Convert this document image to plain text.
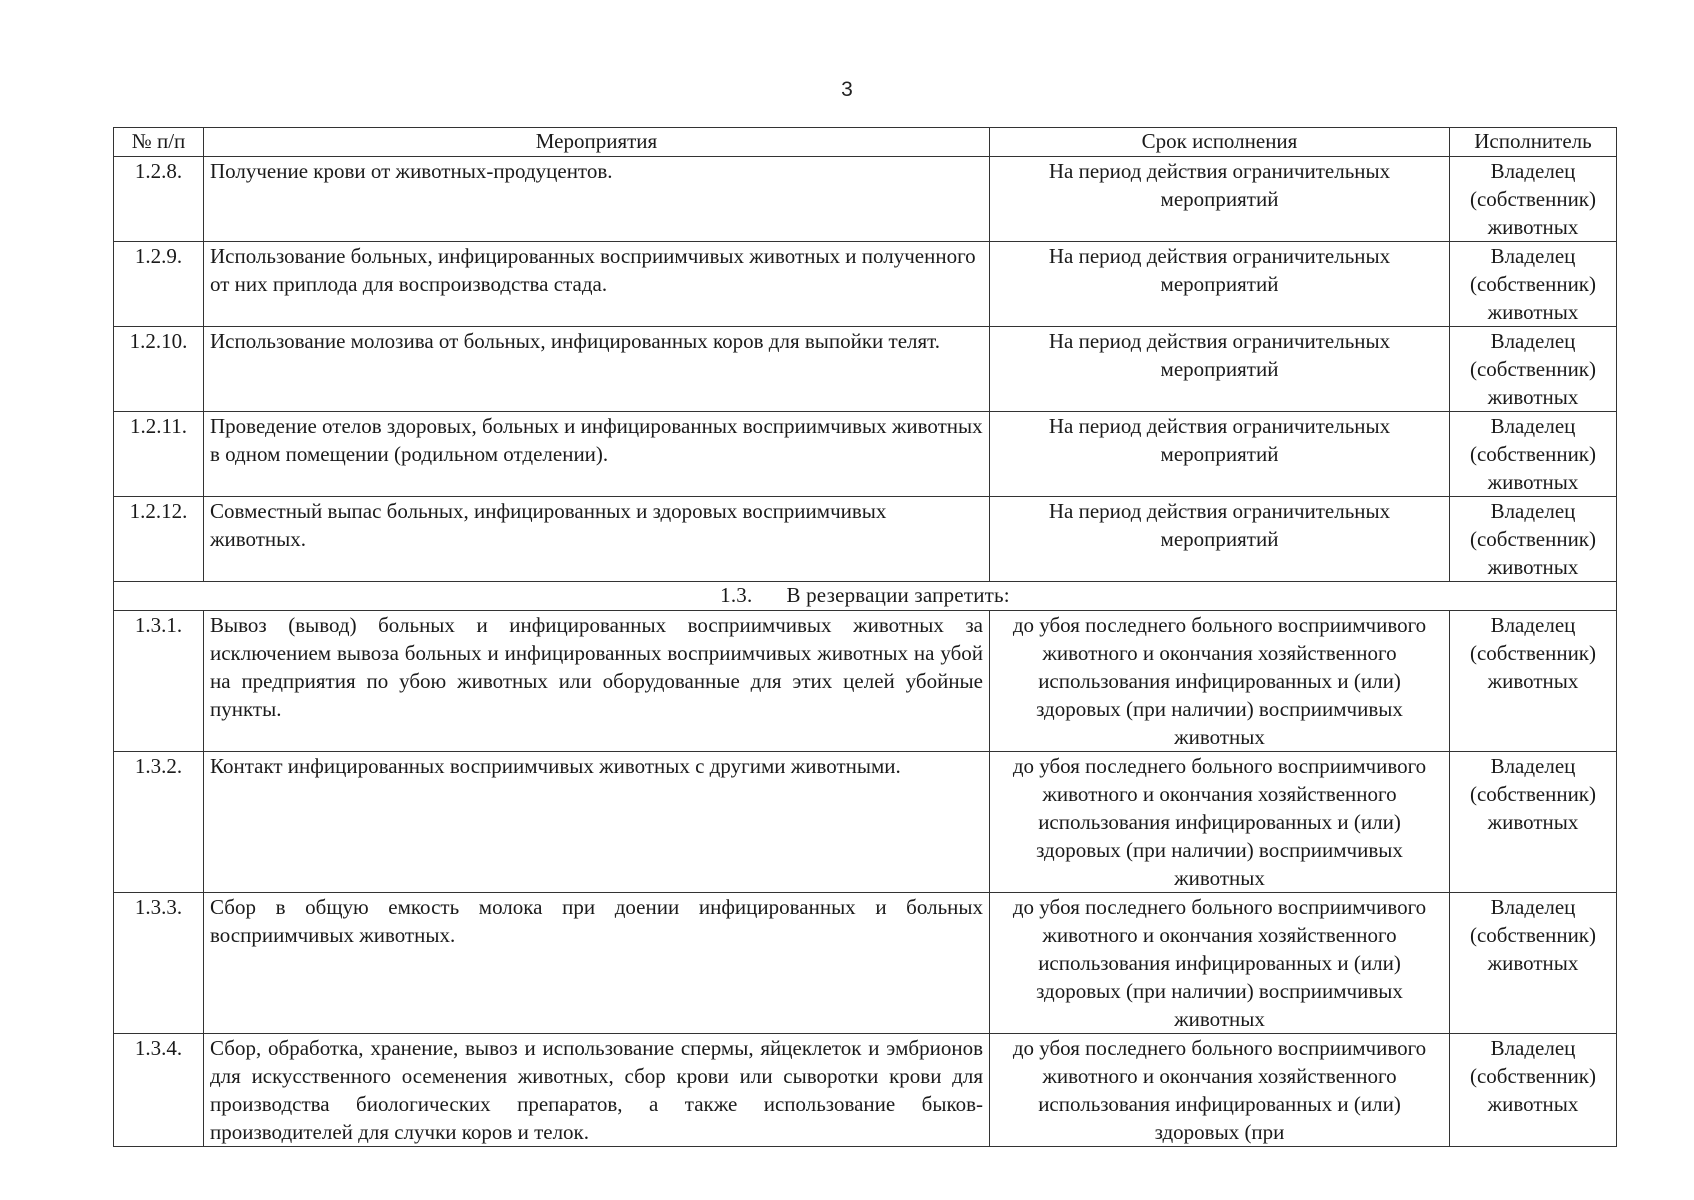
3
№ п/п	Мероприятия	Срок исполнения	Исполнитель
1.2.8.	Получение крови от животных-продуцентов.	На период действия ограничительных мероприятий	Владелец (собственник) животных
1.2.9.	Использование больных, инфицированных восприимчивых животных и полученного от них приплода для воспроизводства стада.	На период действия ограничительных мероприятий	Владелец (собственник) животных
1.2.10.	Использование молозива от больных, инфицированных коров для выпойки телят.	На период действия ограничительных мероприятий	Владелец (собственник) животных
1.2.11.	Проведение отелов здоровых, больных и инфицированных восприимчивых животных в одном помещении (родильном отделении).	На период действия ограничительных мероприятий	Владелец (собственник) животных
1.2.12.	Совместный выпас больных, инфицированных и здоровых восприимчивых животных.	На период действия ограничительных мероприятий	Владелец (собственник) животных
1.3. В резервации запретить:			
1.3.1.	Вывоз (вывод) больных и инфицированных восприимчивых животных за исключением вывоза больных и инфицированных восприимчивых животных на убой на предприятия по убою животных или оборудованные для этих целей убойные пункты.	до убоя последнего больного восприимчивого животного и окончания хозяйственного использования инфицированных и (или) здоровых (при наличии) восприимчивых животных	Владелец (собственник) животных
1.3.2.	Контакт инфицированных восприимчивых животных с другими животными.	до убоя последнего больного восприимчивого животного и окончания хозяйственного использования инфицированных и (или) здоровых (при наличии) восприимчивых животных	Владелец (собственник) животных
1.3.3.	Сбор в общую емкость молока при доении инфицированных и больных восприимчивых животных.	до убоя последнего больного восприимчивого животного и окончания хозяйственного использования инфицированных и (или) здоровых (при наличии) восприимчивых животных	Владелец (собственник) животных
1.3.4.	Сбор, обработка, хранение, вывоз и использование спермы, яйцеклеток и эмбрионов для искусственного осеменения животных, сбор крови или сыворотки крови для производства биологических препаратов, а также использование быков-производителей для случки коров и телок.	до убоя последнего больного восприимчивого животного и окончания хозяйственного использования инфицированных и (или) здоровых (при	Владелец (собственник) животных
